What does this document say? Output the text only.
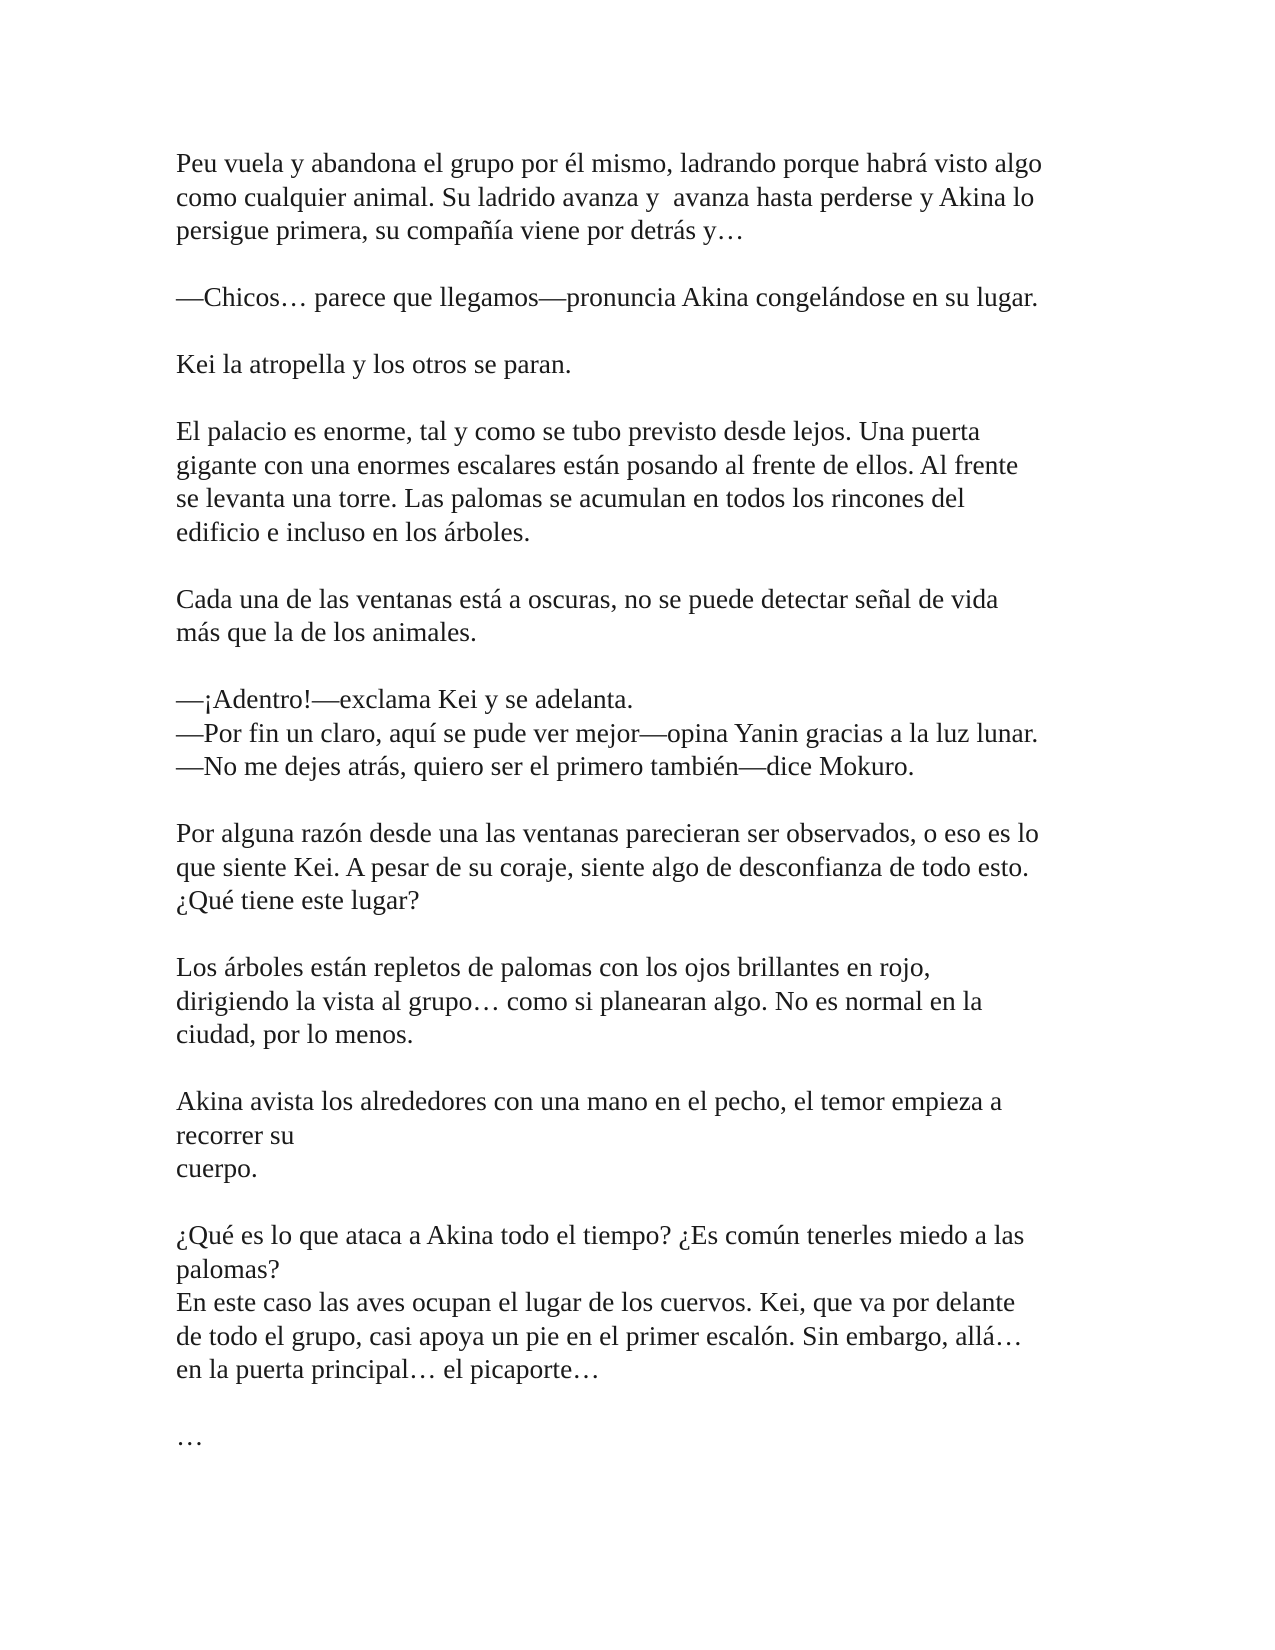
Peu vuela y abandona el grupo por él mismo, ladrando porque habrá visto algo
como cualquier animal. Su ladrido avanza y  avanza hasta perderse y Akina lo
persigue primera, su compañía viene por detrás y…

—Chicos… parece que llegamos—pronuncia Akina congelándose en su lugar.

Kei la atropella y los otros se paran.

El palacio es enorme, tal y como se tubo previsto desde lejos. Una puerta
gigante con una enormes escalares están posando al frente de ellos. Al frente
se levanta una torre. Las palomas se acumulan en todos los rincones del
edificio e incluso en los árboles.

Cada una de las ventanas está a oscuras, no se puede detectar señal de vida
más que la de los animales.

—¡Adentro!—exclama Kei y se adelanta.
—Por fin un claro, aquí se pude ver mejor—opina Yanin gracias a la luz lunar.
—No me dejes atrás, quiero ser el primero también—dice Mokuro.

Por alguna razón desde una las ventanas parecieran ser observados, o eso es lo
que siente Kei. A pesar de su coraje, siente algo de desconfianza de todo esto.
¿Qué tiene este lugar?

Los árboles están repletos de palomas con los ojos brillantes en rojo,
dirigiendo la vista al grupo… como si planearan algo. No es normal en la
ciudad, por lo menos.

Akina avista los alrededores con una mano en el pecho, el temor empieza a
recorrer su
cuerpo.

¿Qué es lo que ataca a Akina todo el tiempo? ¿Es común tenerles miedo a las
palomas?
En este caso las aves ocupan el lugar de los cuervos. Kei, que va por delante
de todo el grupo, casi apoya un pie en el primer escalón. Sin embargo, allá…
en la puerta principal… el picaporte…

…
